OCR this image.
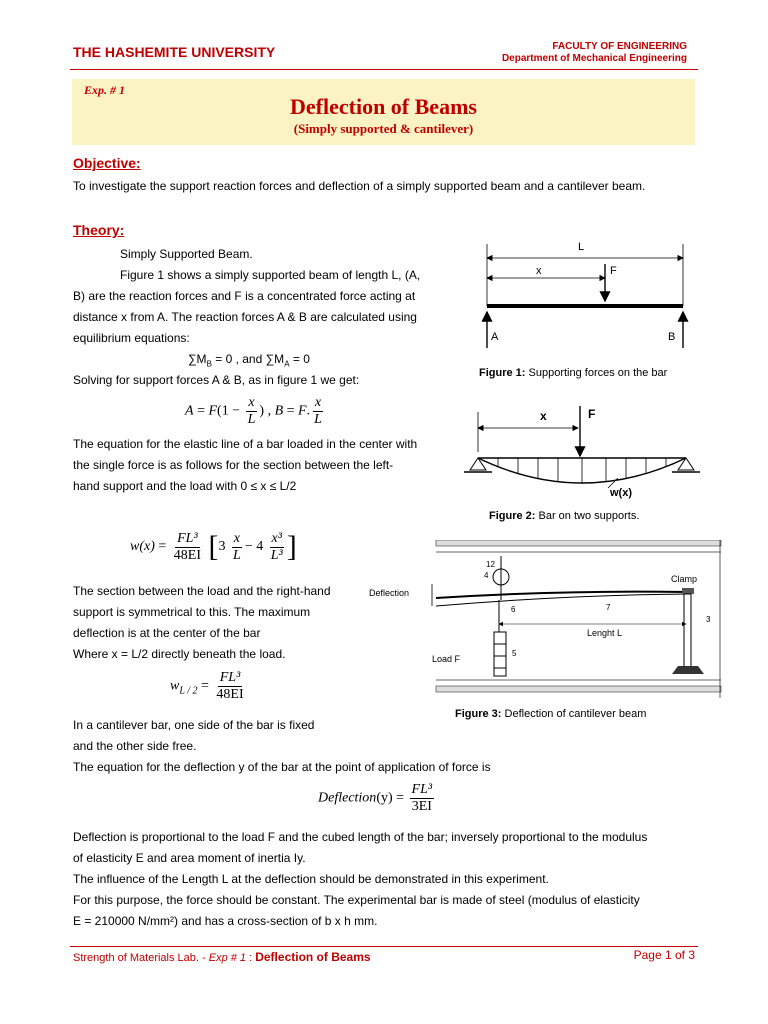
THE HASHEMITE UNIVERSITY	FACULTY OF ENGINEERING
Department of Mechanical Engineering
Exp. # 1
Deflection of Beams
(Simply supported & cantilever)
Objective:
To investigate the support reaction forces and deflection of a simply supported beam and a cantilever beam.
Theory:
Simply Supported Beam.
Figure 1 shows a simply supported beam of length L, (A,
B) are the reaction forces and F is a concentrated force acting at
distance x from A. The reaction forces A & B are calculated using
equilibrium equations:
$\sum M_B = 0$ , and $\sum M_A = 0$
Solving for support forces A & B, as in figure 1 we get:
$A = F(1 - \frac{x}{L}$ ) , B = F. $\frac{x}{L}$
The equation for the elastic line of a bar loaded in the center with
the single force is as follows for the section between the left-
hand support and the load with 0 ≤ x ≤ L/2
$w(x) = \frac{\text{FL³}}{48EI} [3 \frac{x}{L} - 4 \frac{\text{x³}}{\text{L³}}$ ]
The section between the load and the right-hand
support is symmetrical to this. The maximum
deflection is at the center of the bar
Where x = L/2 directly beneath the load.
$w_{L / 2} = \frac{\text{FL³}}{48EI}$
In a cantilever bar, one side of the bar is fixed
and the other side free.
The equation for the deflection y of the bar at the point of application of force is
Deflection(y) = $\frac{\text{FL³}}{3EI}$
Deflection is proportional to the load F and the cubed length of the bar; inversely proportional to the modulus
of elasticity E and area moment of inertia Iy.
The influence of the Length L at the deflection should be demonstrated in this experiment.
For this purpose, the force should be constant. The experimental bar is made of steel (modulus of elasticity
E = 210000 N/mm²) and has a cross-section of b x h mm.
L
x	F
A	B
Figure 1: Supporting forces on the bar
x	F
w(x)
Figure 2: Bar on two supports.
12
4
Deflection
Clamp
3
7
6
Lenght L
5
Load F
Figure 3: Deflection of cantilever beam
Strength of Materials Lab. - Exp # 1 : Deflection of Beams	Page 1 of 3
